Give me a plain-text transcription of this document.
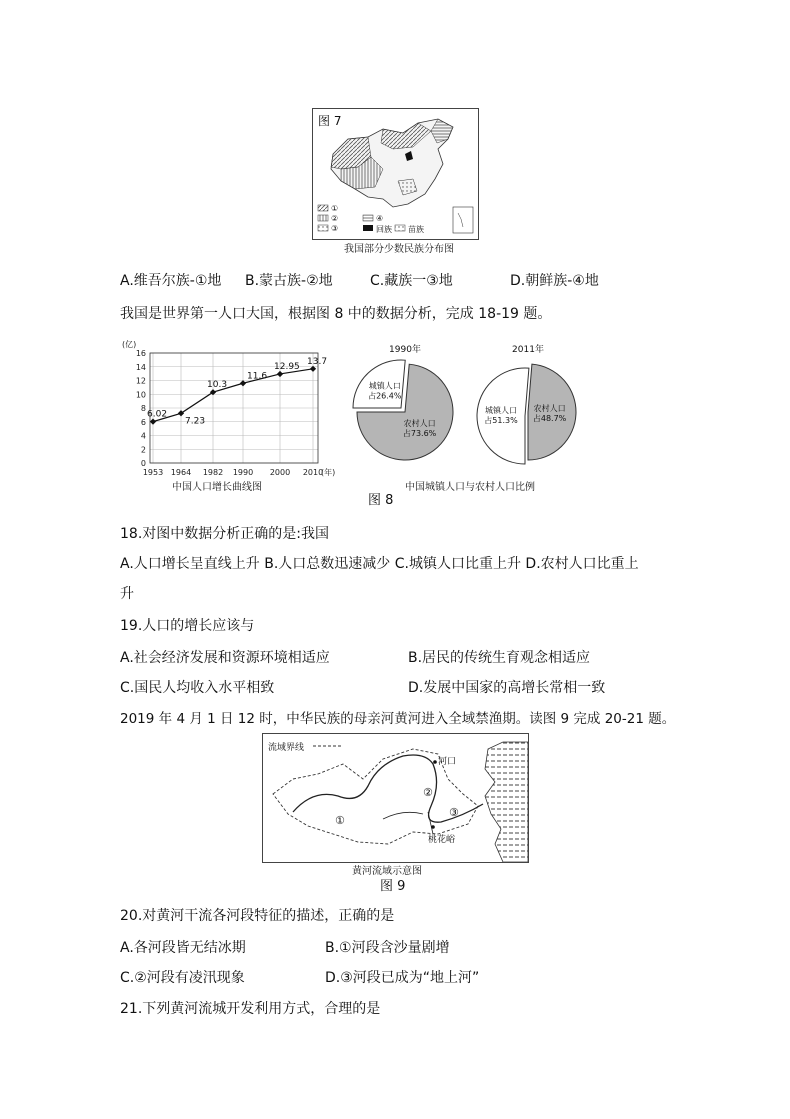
图 7
①
②
③
④
回族 苗族
我国部分少数民族分布图
A.维吾尔族-①地 B.蒙古族-②地	C.藏族一③地	D.朝鲜族-④地
我国是世界第一人口大国，根据图 8 中的数据分析，完成 18-19 题。
0
2
4
6
8
10
12
14
16
(亿)
6.02
7.23
10.3
11.6
12.95
13.7
1953 1964 1982 1990 2000 2010
(年)
中国人口增长曲线图
1990年
城镇人口
占26.4%
农村人口
占73.6%
2011年
城镇人口
占51.3%
农村人口
占48.7%
中国城镇人口与农村人口比例
图 8
18.对图中数据分析正确的是:我国
A.人口增长呈直线上升 B.人口总数迅速减少 C.城镇人口比重上升 D.农村人口比重上
升
19.人口的增长应该与
A.社会经济发展和资源环境相适应	B.居民的传统生育观念相适应
C.国民人均收入水平相致	D.发展中国家的高增长常相一致
2019 年 4 月 1 日 12 时，中华民族的母亲河黄河进入全域禁渔期。读图 9 完成 20-21 题。
流域界线
河口
桃花峪
①
②
③
黄河流域示意图
图 9
20.对黄河干流各河段特征的描述，正确的是
A.各河段皆无结冰期	B.①河段含沙量剧增
C.②河段有凌汛现象	D.③河段已成为“地上河”
21.下列黄河流城开发利用方式，合理的是
